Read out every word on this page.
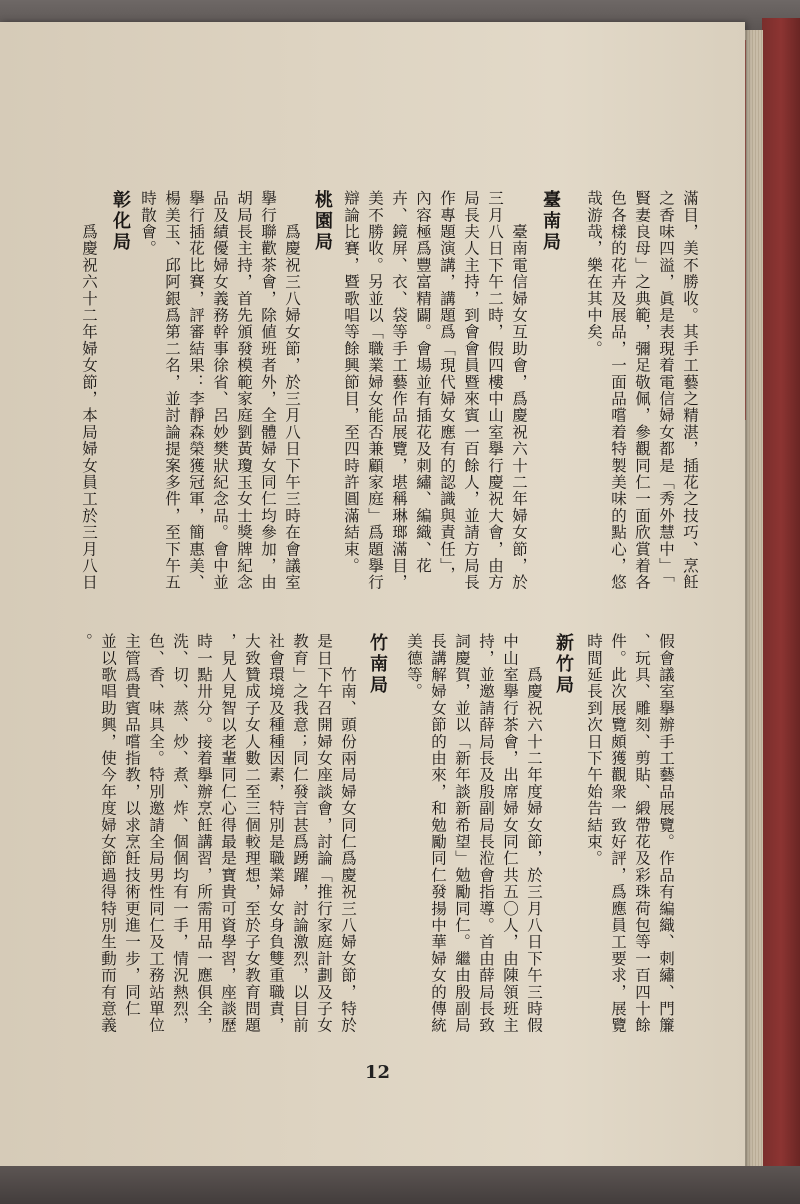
滿目，美不勝收。其手工藝之精湛，插花之技巧、烹飪
之香味四溢，眞是表現着電信婦女都是「秀外慧中」「
賢妻良母」之典範，彌足敬佩，參觀同仁一面欣賞着各
色各樣的花卉及展品，一面品嚐着特製美味的點心，悠
哉游哉，樂在其中矣。
臺南局
　　臺南電信婦女互助會，爲慶祝六十二年婦女節，於
三月八日下午二時，假四樓中山室擧行慶祝大會，由方
局長夫人主持，到會會員暨來賓一百餘人，並請方局長
作專題演講，講題爲「現代婦女應有的認識與責任」，
內容極爲豐富精闢。會場並有插花及刺繡、編織、花
卉、鏡屏、衣、袋等手工藝作品展覽，堪稱琳瑯滿目，
美不勝收。另並以「職業婦女能否兼顧家庭」爲題擧行
辯論比賽，暨歌唱等餘興節目，至四時許圓滿結束。
桃園局
　　爲慶祝三八婦女節，於三月八日下午三時在會議室
擧行聯歡茶會，除値班者外，全體婦女同仁均參加，由
胡局長主持，首先頒發模範家庭劉黃瓊玉女士獎牌紀念
品及績優婦女義務幹事徐省、呂妙樊狀紀念品。會中並
擧行插花比賽，評審結果：李靜森榮獲冠軍，簡惠美、
楊美玉、邱阿銀爲第二名，並討論提案多件，至下午五
時散會。
彰化局
　　爲慶祝六十二年婦女節，本局婦女員工於三月八日
假會議室擧辦手工藝品展覽。作品有編織、刺繡、門簾
、玩具、雕刻、剪貼、緞帶花及彩珠荷包等一百四十餘
件。此次展覽頗獲觀衆一致好評，爲應員工要求，展覽
時間延長到次日下午始告結束。
新竹局
　　爲慶祝六十二年度婦女節，於三月八日下午三時假
中山室擧行茶會，出席婦女同仁共五〇人，由陳領班主
持，並邀請薛局長及殷副局長涖會指導。首由薛局長致
詞慶賀，並以「新年談新希望」勉勵同仁。繼由殷副局
長講解婦女節的由來，和勉勵同仁發揚中華婦女的傳統
美德等。
竹南局
　　竹南、頭份兩局婦女同仁爲慶祝三八婦女節，特於
是日下午召開婦女座談會，討論「推行家庭計劃及子女
教育」之我意；同仁發言甚爲踴躍，討論激烈，以目前
社會環境及種種因素，特別是職業婦女身負雙重職責，
大致贊成子女人數二至三個較理想，至於子女教育問題
，見人見智以老輩同仁心得最是寶貴可資學習，座談歷
時一點卅分。接着擧辦烹飪講習，所需用品一應俱全，
洗、切、蒸、炒、煮、炸、個個均有一手，情況熱烈，
色、香、味具全。特別邀請全局男性同仁及工務站單位
主管爲貴賓品嚐指教，以求烹飪技術更進一步，同仁
並以歌唱助興，使今年度婦女節過得特別生動而有意義
。
12
